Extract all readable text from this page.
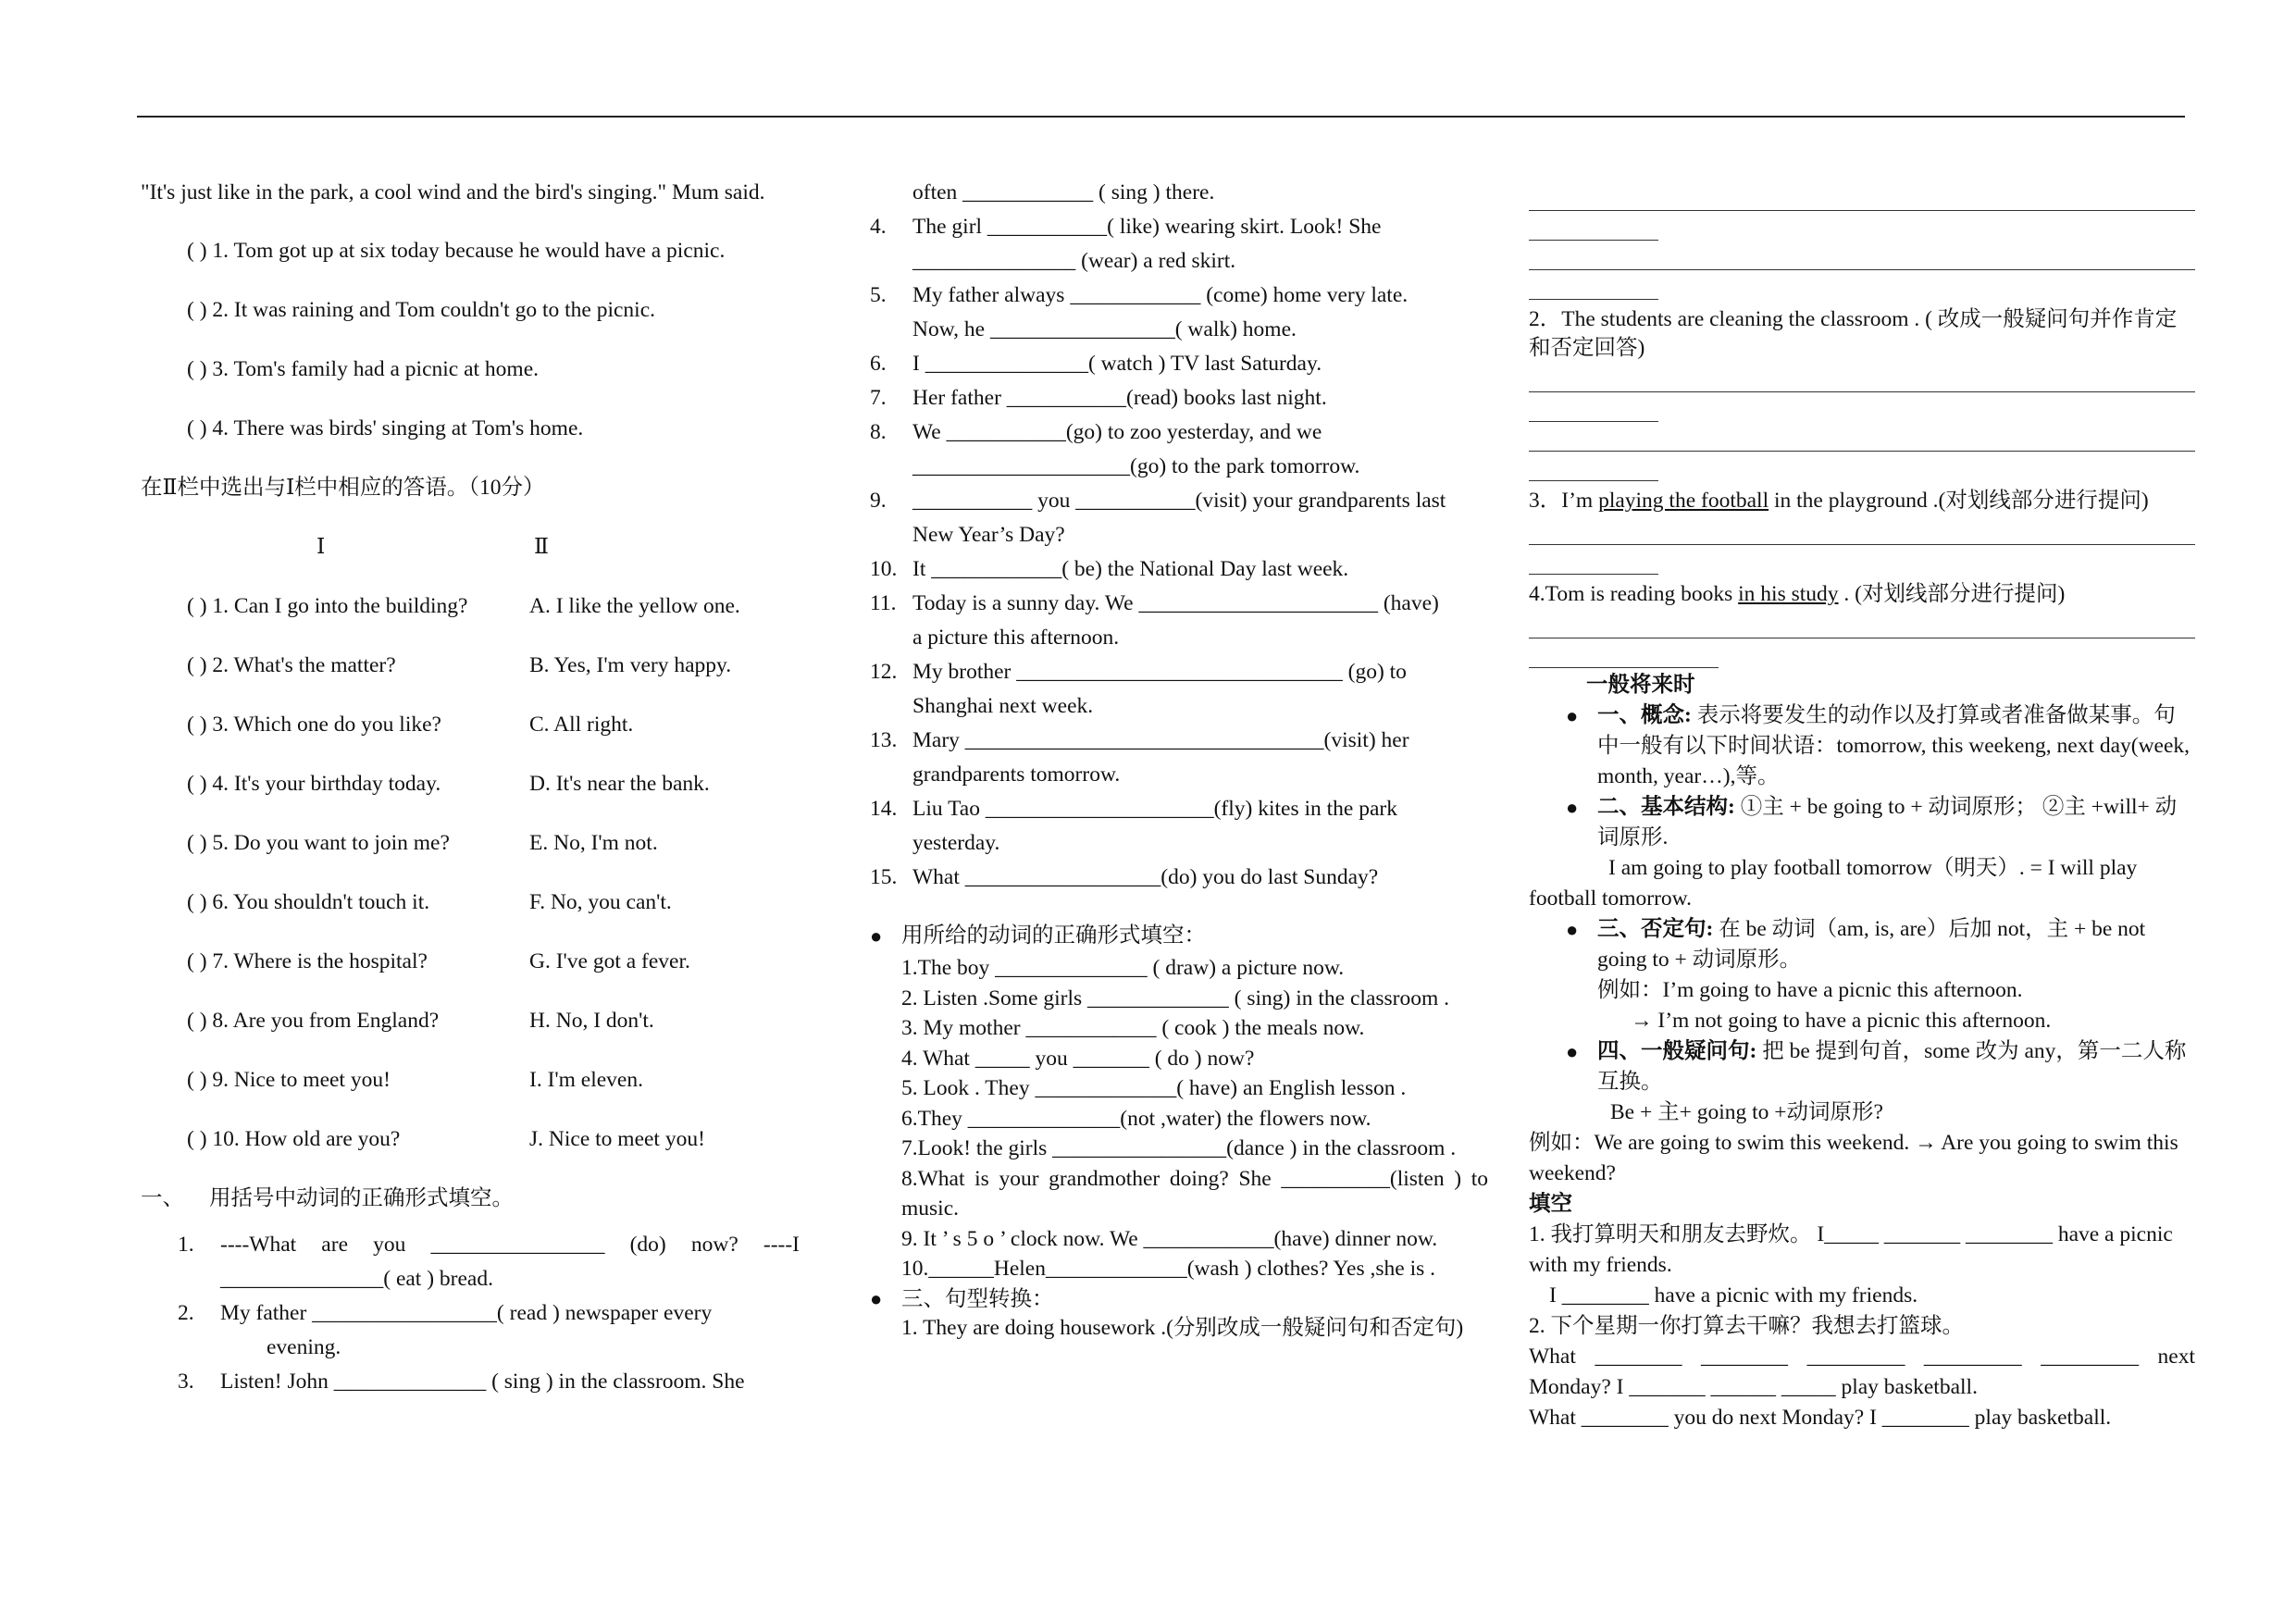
"It's just like in the park, a cool wind and the bird's singing." Mum said.

( ) 1. Tom got up at six today because he would have a picnic.

( ) 2. It was raining and Tom couldn't go to the picnic.

( ) 3. Tom's family had a picnic at home.

( ) 4. There was birds' singing at Tom's home.

在Ⅱ栏中选出与Ⅰ栏中相应的答语。（10分）

Ⅰ	Ⅱ
( ) 1. Can I go into the building?	A. I like the yellow one.
( ) 2. What's the matter?	B. Yes, I'm very happy.
( ) 3. Which one do you like?	C. All right.
( ) 4. It's your birthday today.	D. It's near the bank.
( ) 5. Do you want to join me?	E. No, I'm not.
( ) 6. You shouldn't touch it.	F. No, you can't.
( ) 7. Where is the hospital?	G. I've got a fever.
( ) 8. Are you from England?	H. No, I don't.
( ) 9. Nice to meet you!	I. I'm eleven.
( ) 10. How old are you?	J. Nice to meet you!

一、 用括号中动词的正确形式填空。

1.	----What are you ________________ (do) now? ----I _______________( eat ) bread.
2.	My father _________________( read ) newspaper every

evening.

3.	Listen! John ______________ ( sing ) in the classroom. She

often ____________ ( sing ) there.

4.	The girl ___________( like) wearing skirt. Look! She

_______________ (wear) a red skirt.

5.	My father always ____________ (come) home very late.

Now, he _________________( walk) home.

6.	I _______________( watch ) TV last Saturday.
7.	Her father ___________(read) books last night.
8.	We ___________(go) to zoo yesterday, and we

____________________(go) to the park tomorrow.

9.	___________ you ___________(visit) your grandparents last

New Year’s Day?

10. It ____________( be) the National Day last week.
11. Today is a sunny day. We ______________________ (have)

a picture this afternoon.

12. My brother ______________________________ (go) to

Shanghai next week.

13. Mary _________________________________(visit) her

grandparents tomorrow.

14. Liu Tao _____________________(fly) kites in the park

yesterday.

15. What __________________(do) you do last Sunday?
● 用所给的动词的正确形式填空：

1.The boy ______________ ( draw) a picture now.

2. Listen .Some girls _____________ ( sing) in the classroom .

3. My mother ____________ ( cook ) the meals now.

4. What _____ you _______ ( do ) now?

5. Look . They _____________( have) an English lesson .

6.They ______________(not ,water) the flowers now.

7.Look! the girls ________________(dance ) in the classroom .

8.What is your grandmother doing? She __________(listen ) to music.

9. It ’ s 5 o ’ clock now. We ____________(have) dinner now.

10.______Helen_____________(wash ) clothes? Yes ,she is .

● 三、句型转换：

1. They are doing housework .(分别改成一般疑问句和否定句)

2．The students are cleaning the classroom . ( 改成一般疑问句并作肯定和否定回答)

3．I’m playing the football in the playground .(对划线部分进行提问)

4.Tom is reading books in his study . (对划线部分进行提问)

一般将来时

● 一、概念: 表示将要发生的动作以及打算或者准备做某事。句中一般有以下时间状语：tomorrow, this weekeng, next day(week, month, year…),等。
● 二、基本结构: ①主 + be going to + 动词原形； ②主 +will+ 动词原形.

I am going to play football tomorrow（明天）. = I will play

football tomorrow.

● 三、否定句: 在 be 动词（am, is, are）后加 not，主 + be not going to + 动词原形。

例如：I’m going to have a picnic this afternoon.

→ I’m not going to have a picnic this afternoon.

● 四、一般疑问句: 把 be 提到句首，some 改为 any，第一二人称互换。

Be + 主+ going to +动词原形?

例如：We are going to swim this weekend. → Are you going to swim this weekend?

填空

1. 我打算明天和朋友去野炊。 I_____ _______ ________ have a picnic with my friends.

I ________ have a picnic with my friends.

2. 下个星期一你打算去干嘛？我想去打篮球。

What ________ ________ _________ _________ _________ next Monday? I _______ ______ _____ play basketball.

What ________ you do next Monday? I ________ play basketball.
